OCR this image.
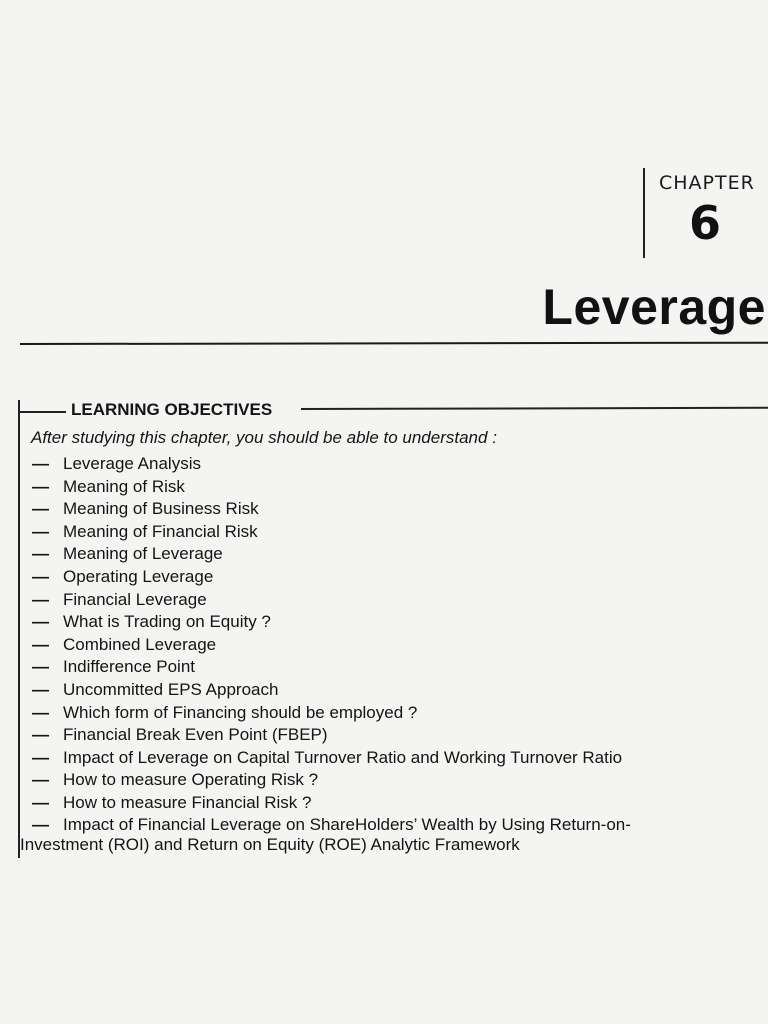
CHAPTER
6
Leverage
LEARNING OBJECTIVES
After studying this chapter, you should be able to understand :
— Leverage Analysis
— Meaning of Risk
— Meaning of Business Risk
— Meaning of Financial Risk
— Meaning of Leverage
— Operating Leverage
— Financial Leverage
— What is Trading on Equity ?
— Combined Leverage
— Indifference Point
— Uncommitted EPS Approach
— Which form of Financing should be employed ?
— Financial Break Even Point (FBEP)
— Impact of Leverage on Capital Turnover Ratio and Working Turnover Ratio
— How to measure Operating Risk ?
— How to measure Financial Risk ?
— Impact of Financial Leverage on ShareHolders’ Wealth by Using Return-on-
Investment (ROI) and Return on Equity (ROE) Analytic Framework
